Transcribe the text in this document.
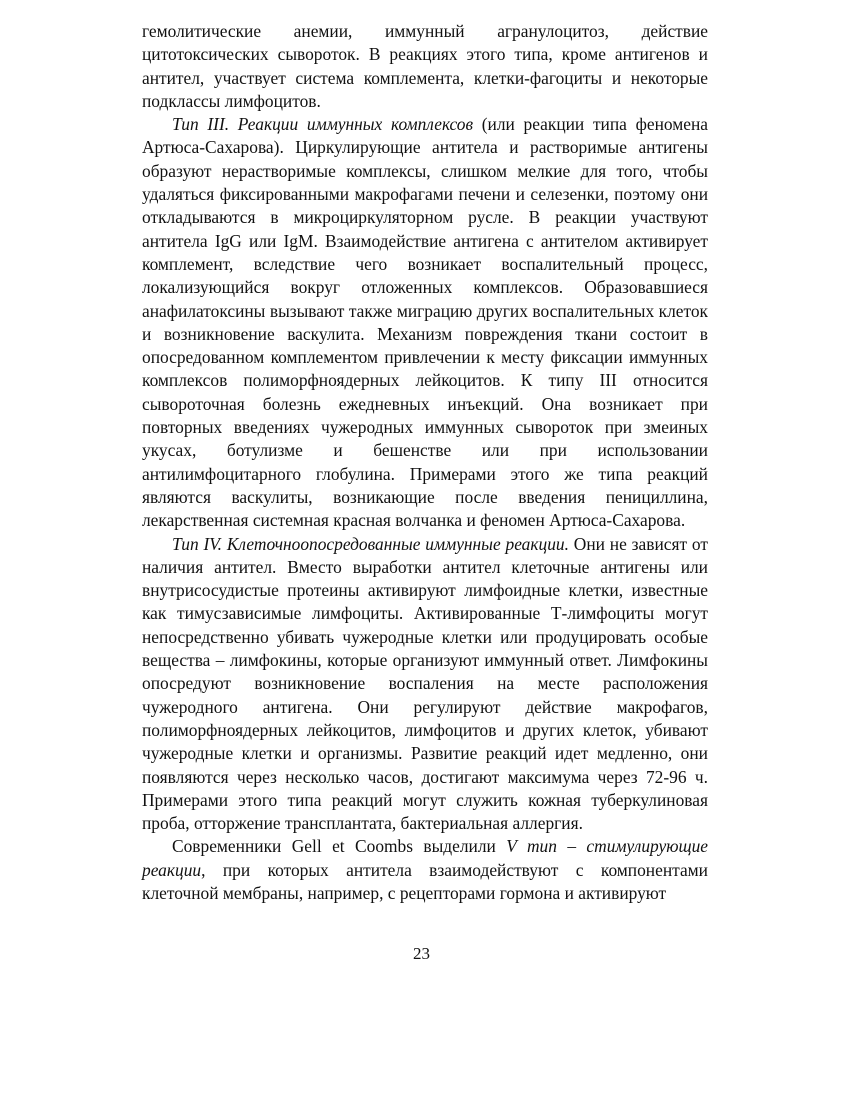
гемолитические анемии, иммунный агранулоцитоз, действие цитотоксических сывороток. В реакциях этого типа, кроме антигенов и антител, участвует система комплемента, клетки-фагоциты и некоторые подклассы лимфоцитов.

Тип III. Реакции иммунных комплексов (или реакции типа феномена Артюса-Сахарова). Циркулирующие антитела и растворимые антигены образуют нерастворимые комплексы, слишком мелкие для того, чтобы удаляться фиксированными макрофагами печени и селезенки, поэтому они откладываются в микроциркуляторном русле. В реакции участвуют антитела IgG или IgM. Взаимодействие антигена с антителом активирует комплемент, вследствие чего возникает воспалительный процесс, локализующийся вокруг отложенных комплексов. Образовавшиеся анафилатоксины вызывают также миграцию других воспалительных клеток и возникновение васкулита. Механизм повреждения ткани состоит в опосредованном комплементом привлечении к месту фиксации иммунных комплексов полиморфноядерных лейкоцитов. К типу III относится сывороточная болезнь ежедневных инъекций. Она возникает при повторных введениях чужеродных иммунных сывороток при змеиных укусах, ботулизме и бешенстве или при использовании антилимфоцитарного глобулина. Примерами этого же типа реакций являются васкулиты, возникающие после введения пенициллина, лекарственная системная красная волчанка и феномен Артюса-Сахарова.

Тип IV. Клеточноопосредованные иммунные реакции. Они не зависят от наличия антител. Вместо выработки антител клеточные антигены или внутрисосудистые протеины активируют лимфоидные клетки, известные как тимусзависимые лимфоциты. Активированные Т-лимфоциты могут непосредственно убивать чужеродные клетки или продуцировать особые вещества – лимфокины, которые организуют иммунный ответ. Лимфокины опосредуют возникновение воспаления на месте расположения чужеродного антигена. Они регулируют действие макрофагов, полиморфноядерных лейкоцитов, лимфоцитов и других клеток, убивают чужеродные клетки и организмы. Развитие реакций идет медленно, они появляются через несколько часов, достигают максимума через 72-96 ч. Примерами этого типа реакций могут служить кожная туберкулиновая проба, отторжение трансплантата, бактериальная аллергия.

Современники Gell et Coombs выделили V тип – стимулирующие реакции, при которых антитела взаимодействуют с компонентами клеточной мембраны, например, с рецепторами гормона и активируют

23
